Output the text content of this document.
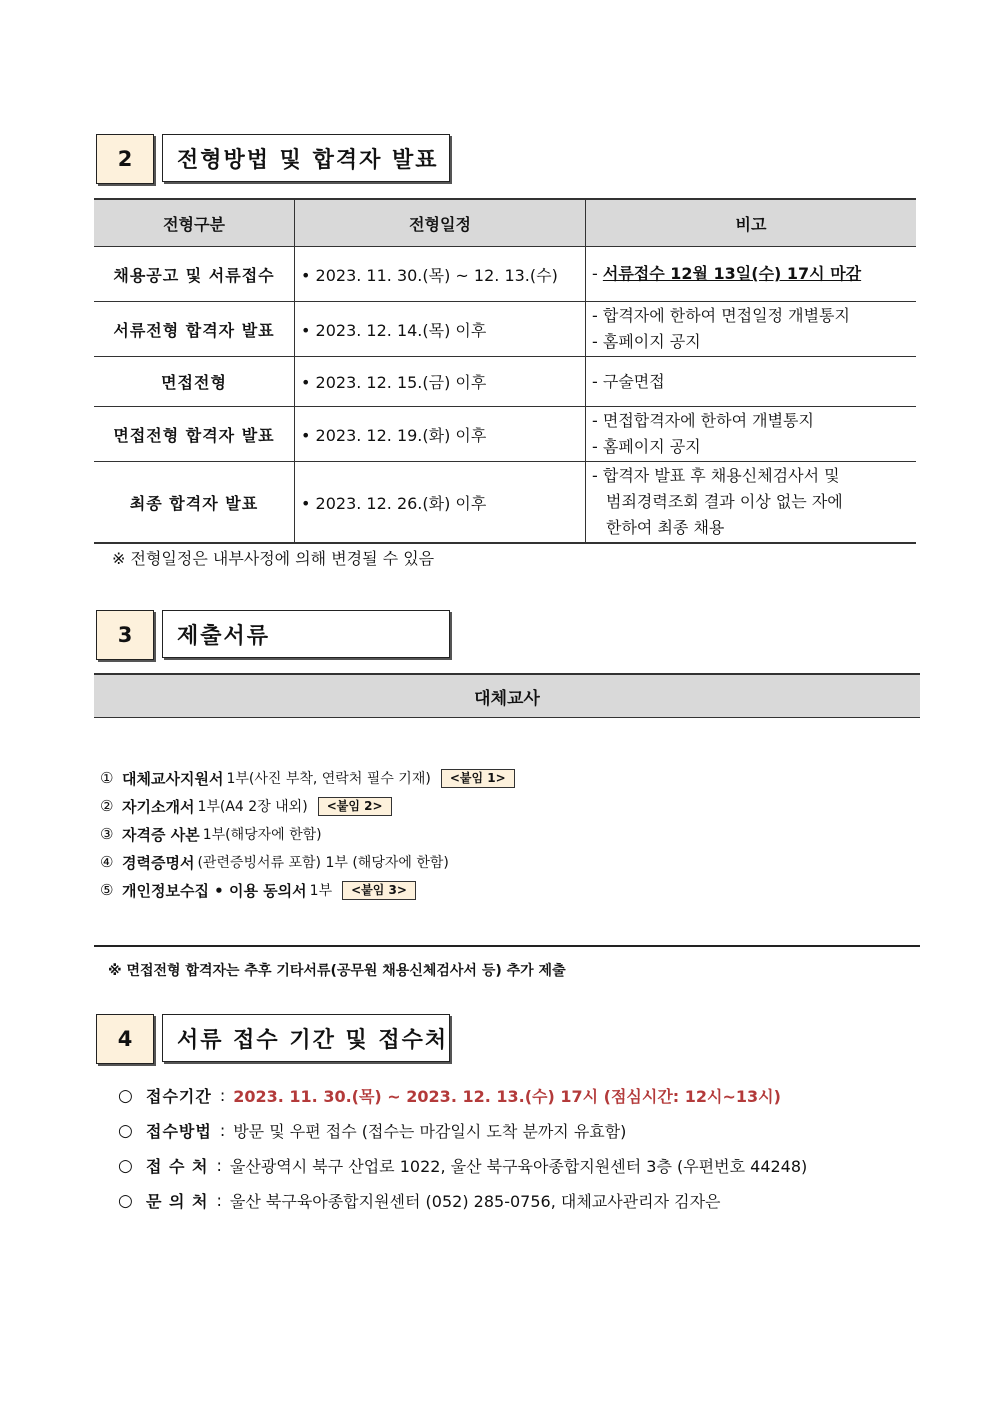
2	전형방법 및 합격자 발표
전형구분	전형일정	비고
채용공고 및 서류접수	• 2023. 11. 30.(목) ~ 12. 13.(수)	- 서류접수 12월 13일(수) 17시 마감
서류전형 합격자 발표	• 2023. 12. 14.(목) 이후	- 합격자에 한하여 면접일정 개별통지
- 홈페이지 공지

면접전형	• 2023. 12. 15.(금) 이후	- 구술면접

면접전형 합격자 발표	• 2023. 12. 19.(화) 이후	- 면접합격자에 한하여 개별통지
- 홈페이지 공지

최종 합격자 발표	• 2023. 12. 26.(화) 이후	- 합격자 발표 후 채용신체검사서 및
범죄경력조회 결과 이상 없는 자에
한하여 최종 채용
※ 전형일정은 내부사정에 의해 변경될 수 있음
3	제출서류
대체교사
① 대체교사지원서 1부(사진 부착, 연락처 필수 기재)	<붙임 1>
② 자기소개서 1부(A4 2장 내외)	<붙임 2>
③ 자격증 사본 1부(해당자에 한함)
④ 경력증명서 (관련증빙서류 포함) 1부 (해당자에 한함)
⑤ 개인정보수집 • 이용 동의서 1부	<붙임 3>
※ 면접전형 합격자는 추후 기타서류(공무원 채용신체검사서 등) 추가 제출
4	서류 접수 기간 및 접수처
○ 접수기간 : 2023. 11. 30.(목) ~ 2023. 12. 13.(수) 17시 (점심시간: 12시~13시)
○ 접수방법 : 방문 및 우편 접수 (접수는 마감일시 도착 분까지 유효함)
○ 접 수 처 : 울산광역시 북구 산업로 1022, 울산 북구육아종합지원센터 3층 (우편번호 44248)
○ 문 의 처 : 울산 북구육아종합지원센터 (052) 285-0756, 대체교사관리자 김자은
